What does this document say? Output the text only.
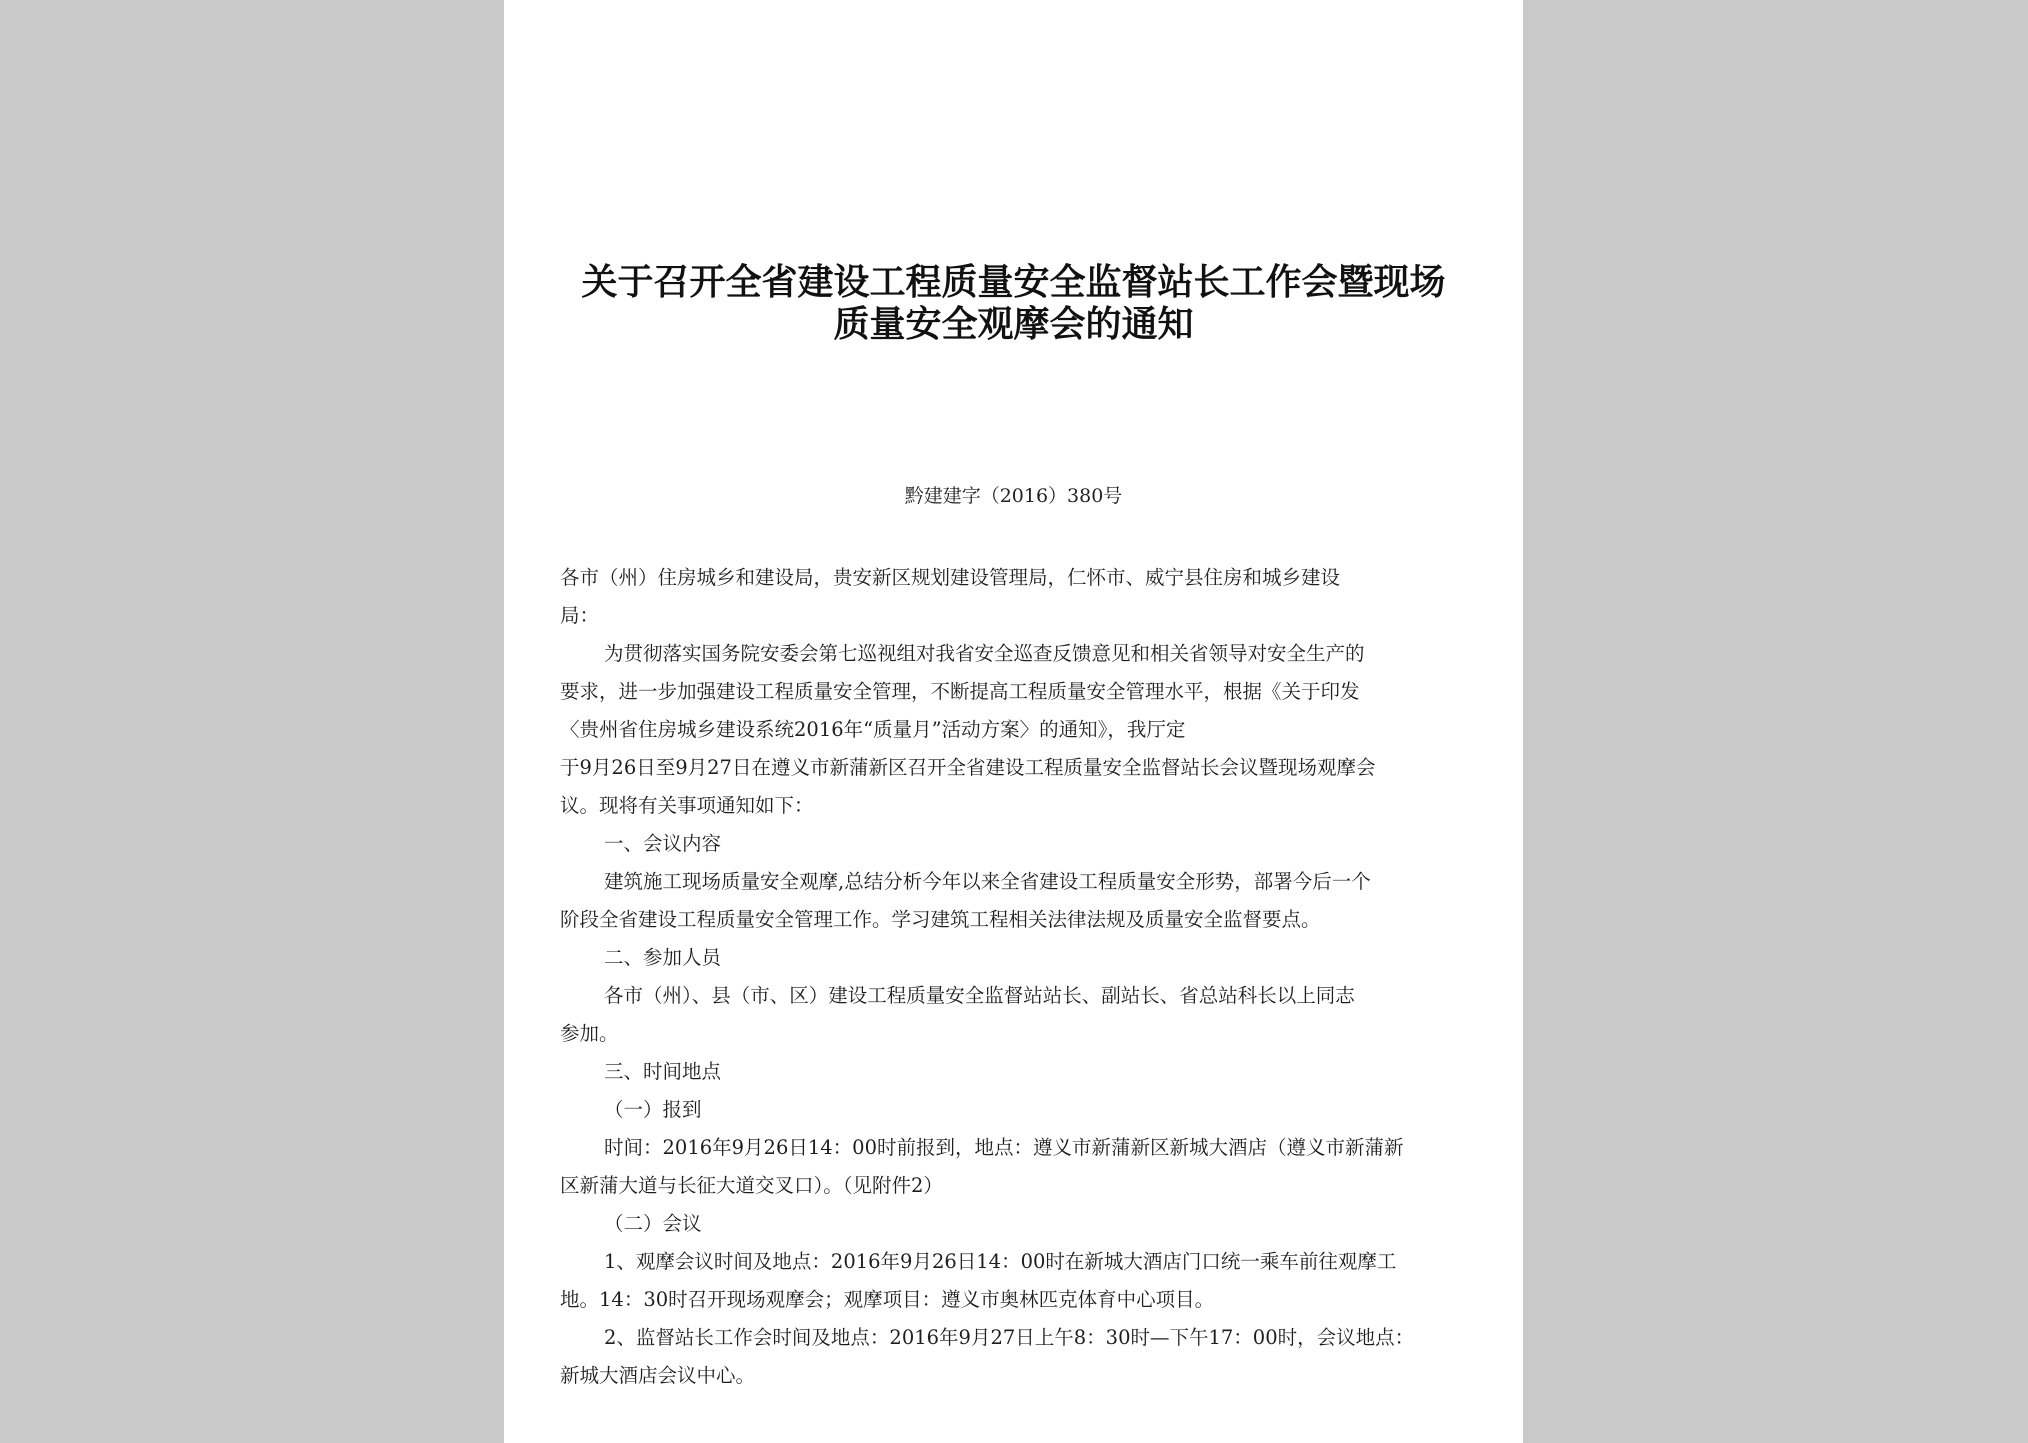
关于召开全省建设工程质量安全监督站长工作会暨现场
质量安全观摩会的通知
黔建建字（2016）380号
各市（州）住房城乡和建设局，贵安新区规划建设管理局，仁怀市、威宁县住房和城乡建设
局：
为贯彻落实国务院安委会第七巡视组对我省安全巡查反馈意见和相关省领导对安全生产的
要求，进一步加强建设工程质量安全管理，不断提高工程质量安全管理水平，根据《关于印发
〈贵州省住房城乡建设系统2016年“质量月”活动方案〉的通知》，我厅定
于9月26日至9月27日在遵义市新蒲新区召开全省建设工程质量安全监督站长会议暨现场观摩会
议。现将有关事项通知如下：
一、会议内容
建筑施工现场质量安全观摩,总结分析今年以来全省建设工程质量安全形势，部署今后一个
阶段全省建设工程质量安全管理工作。学习建筑工程相关法律法规及质量安全监督要点。
二、参加人员
各市（州）、县（市、区）建设工程质量安全监督站站长、副站长、省总站科长以上同志
参加。
三、时间地点
（一）报到
时间：2016年9月26日14：00时前报到，地点：遵义市新蒲新区新城大酒店（遵义市新蒲新
区新蒲大道与长征大道交叉口）。（见附件2）
（二）会议
1、观摩会议时间及地点：2016年9月26日14：00时在新城大酒店门口统一乘车前往观摩工
地。14：30时召开现场观摩会；观摩项目：遵义市奥林匹克体育中心项目。
2、监督站长工作会时间及地点：2016年9月27日上午8：30时—下午17：00时，会议地点：
新城大酒店会议中心。
